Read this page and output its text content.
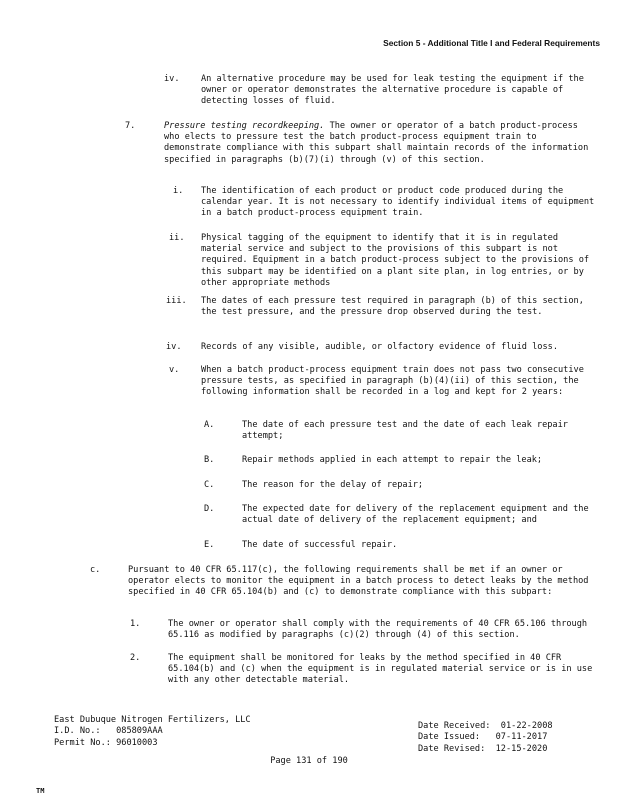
Section 5 - Additional Title I and Federal Requirements
iv. An alternative procedure may be used for leak testing the equipment if the owner or operator demonstrates the alternative procedure is capable of detecting losses of fluid.

7.	Pressure testing recordkeeping. The owner or operator of a batch product-process who elects to pressure test the batch product-process equipment train to demonstrate compliance with this subpart shall maintain records of the information specified in paragraphs (b)(7)(i) through (v) of this section.

i. The identification of each product or product code produced during the calendar year. It is not necessary to identify individual items of equipment in a batch product-process equipment train.

ii. Physical tagging of the equipment to identify that it is in regulated material service and subject to the provisions of this subpart is not required. Equipment in a batch product-process subject to the provisions of this subpart may be identified on a plant site plan, in log entries, or by other appropriate methods

iii. The dates of each pressure test required in paragraph (b) of this section, the test pressure, and the pressure drop observed during the test.

iv. Records of any visible, audible, or olfactory evidence of fluid loss.

v.	When a batch product-process equipment train does not pass two consecutive pressure tests, as specified in paragraph (b)(4)(ii) of this section, the following information shall be recorded in a log and kept for 2 years:

A.	The date of each pressure test and the date of each leak repair attempt;

B.	Repair methods applied in each attempt to repair the leak;

C.	The reason for the delay of repair;

D.	The expected date for delivery of the replacement equipment and the actual date of delivery of the replacement equipment; and

E.	The date of successful repair.

c.	Pursuant to 40 CFR 65.117(c), the following requirements shall be met if an owner or operator elects to monitor the equipment in a batch process to detect leaks by the method specified in 40 CFR 65.104(b) and (c) to demonstrate compliance with this subpart:

1.	The owner or operator shall comply with the requirements of 40 CFR 65.106 through 65.116 as modified by paragraphs (c)(2) through (4) of this section.

2.	The equipment shall be monitored for leaks by the method specified in 40 CFR 65.104(b) and (c) when the equipment is in regulated material service or is in use with any other detectable material.

East Dubuque Nitrogen Fertilizers, LLC
I.D. No.: 085809AAA
Permit No.: 96010003
Date Received: 01-22-2008
Date Issued: 07-11-2017
Date Revised: 12-15-2020
Page 131 of 190
TM
